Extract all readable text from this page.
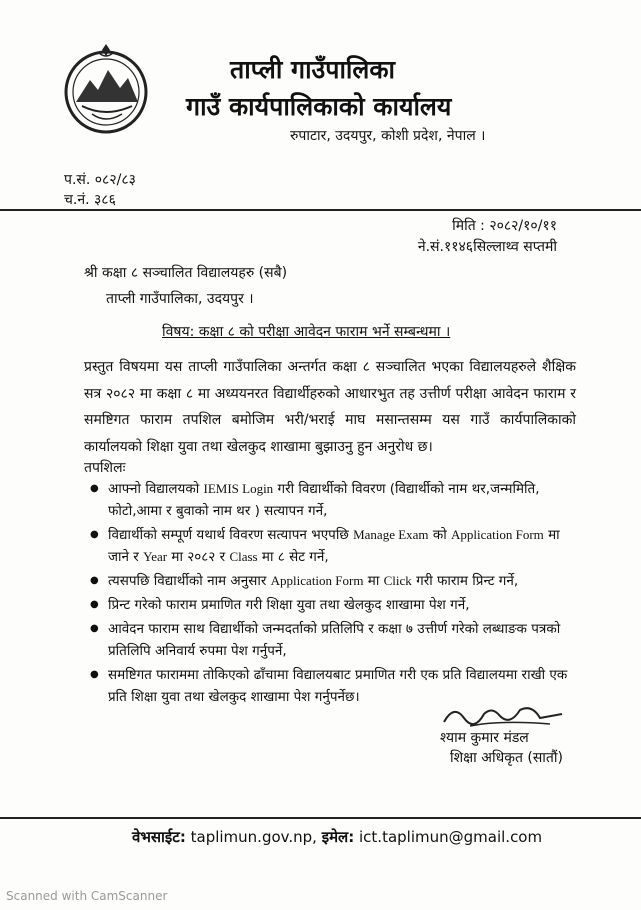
ताप्ली गाउँपालिका
गाउँ कार्यपालिकाको कार्यालय
रुपाटार, उदयपुर, कोशी प्रदेश, नेपाल ।
प.सं. ०८२/८३
च.नं. ३८६
मिति : २०८२/१०/११
ने.सं.११४६सिल्लाथ्व सप्तमी
श्री कक्षा ८ सञ्चालित विद्यालयहरु (सबै)
ताप्ली गाउँपालिका, उदयपुर ।
विषय: कक्षा ८ को परीक्षा आवेदन फाराम भर्ने सम्बन्धमा ।
प्रस्तुत विषयमा यस ताप्ली गाउँपालिका अन्तर्गत कक्षा ८ सञ्चालित भएका विद्यालयहरुले शैक्षिक सत्र २०८२ मा कक्षा ८ मा अध्ययनरत विद्यार्थीहरुको आधारभुत तह उत्तीर्ण परीक्षा आवेदन फाराम र समष्टिगत फाराम तपशिल बमोजिम भरी/भराई माघ मसान्तसम्म यस गाउँ कार्यपालिकाको कार्यालयको शिक्षा युवा तथा खेलकुद शाखामा बुझाउनु हुन अनुरोध छ।
तपशिलः
● आफ्नो विद्यालयको IEMIS Login गरी विद्यार्थीको विवरण (विद्यार्थीको नाम थर,जन्ममिति, फोटो,आमा र बुवाको नाम थर ) सत्यापन गर्ने,
● विद्यार्थीको सम्पूर्ण यथार्थ विवरण सत्यापन भएपछि Manage Exam को Application Form मा जाने र Year मा २०८२ र Class मा ८ सेट गर्ने,
● त्यसपछि विद्यार्थीको नाम अनुसार Application Form मा Click गरी फाराम प्रिन्ट गर्ने,
● प्रिन्ट गरेको फाराम प्रमाणित गरी शिक्षा युवा तथा खेलकुद शाखामा पेश गर्ने,
● आवेदन फाराम साथ विद्यार्थीको जन्मदर्ताको प्रतिलिपि र कक्षा ७ उत्तीर्ण गरेको लब्धाङक पत्रको प्रतिलिपि अनिवार्य रुपमा पेश गर्नुपर्ने,
● समष्टिगत फाराममा तोकिएको ढाँचामा विद्यालयबाट प्रमाणित गरी एक प्रति विद्यालयमा राखी एक प्रति शिक्षा युवा तथा खेलकुद शाखामा पेश गर्नुपर्नेछ।
श्याम कुमार मंडल
शिक्षा अधिकृत (सातौं)
वेभसाईट: taplimun.gov.np, इमेल: ict.taplimun@gmail.com
Scanned with CamScanner
